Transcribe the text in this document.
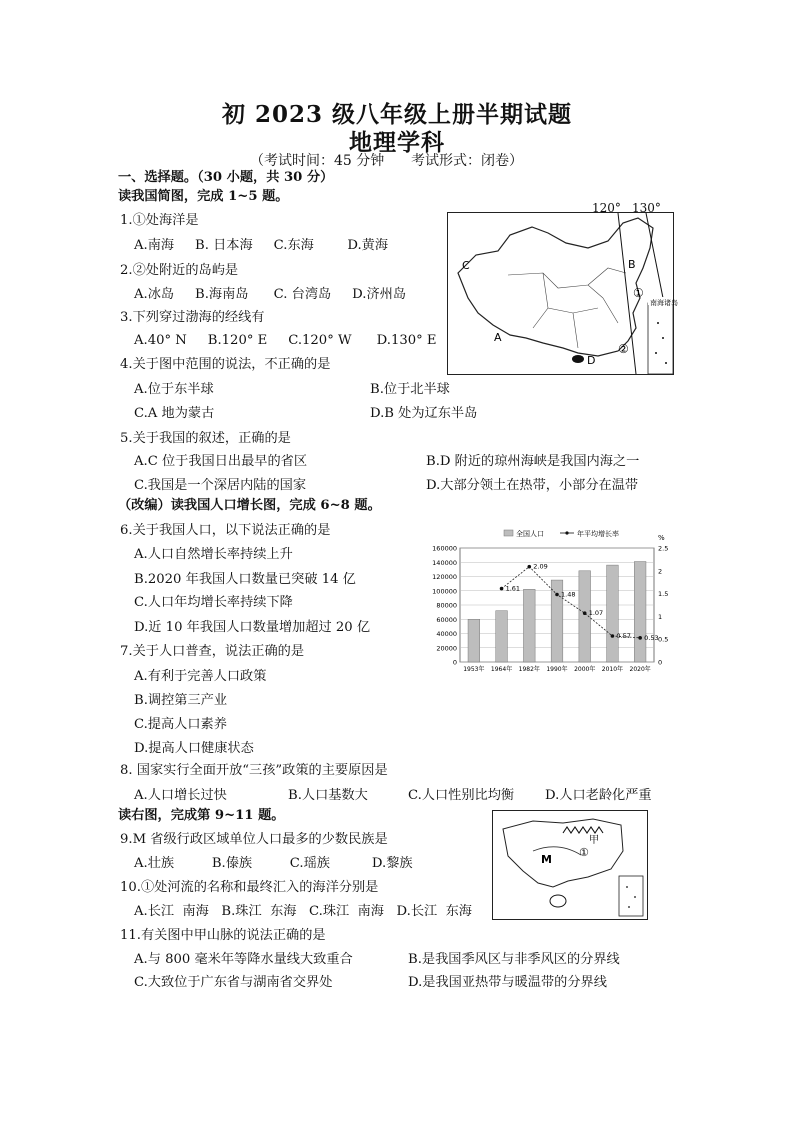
初 2023 级八年级上册半期试题
地理学科
（考试时间：45 分钟      考试形式：闭卷）
一、选择题。（30 小题，共 30 分）
读我国简图，完成 1~5 题。
1.①处海洋是
A.南海     B. 日本海     C.东海        D.黄海
2.②处附近的岛屿是
A.冰岛     B.海南岛      C. 台湾岛     D.济州岛
3.下列穿过渤海的经线有
A.40° N     B.120° E     C.120° W      D.130° E
4.关于图中范围的说法，不正确的是
A.位于东半球	B.位于北半球
C.A 地为蒙古	D.B 处为辽东半岛
5.关于我国的叙述，正确的是
A.C 位于我国日出最早的省区	B.D 附近的琼州海峡是我国内海之一
C.我国是一个深居内陆的国家	D.大部分领土在热带，小部分在温带
（改编）读我国人口增长图，完成 6~8 题。
6.关于我国人口，以下说法正确的是
A.人口自然增长率持续上升
B.2020 年我国人口数量已突破 14 亿
C.人口年均增长率持续下降
D.近 10 年我国人口数量增加超过 20 亿
7.关于人口普查，说法正确的是
A.有利于完善人口政策
B.调控第三产业
C.提高人口素养
D.提高人口健康状态
8. 国家实行全面开放“三孩”政策的主要原因是
A.人口增长过快	B.人口基数大	C.人口性别比均衡 D.人口老龄化严重
读右图，完成第 9~11 题。
9.M 省级行政区域单位人口最多的少数民族是
A.壮族         B.傣族         C.瑶族          D.黎族
10.①处河流的名称和最终汇入的海洋分别是
A.长江  南海   B.珠江  东海   C.珠江  南海   D.长江  东海
11.有关图中甲山脉的说法正确的是
A.与 800 毫米年等降水量线大致重合	B.是我国季风区与非季风区的分界线
C.大致位于广东省与湖南省交界处	D.是我国亚热带与暖温带的分界线
C	B
A
D
①
②
南海诸岛
120° 130°
0
20000
40000
60000
80000
100000
120000
140000
160000
0
0.5
1
1.5
2
2.5
%
1953年 1964年 1982年 1990年 2000年 2010年 2020年
1.61
2.09
1.48
1.07
0.57 0.53
全国人口	年平均增长率
甲
①
M
